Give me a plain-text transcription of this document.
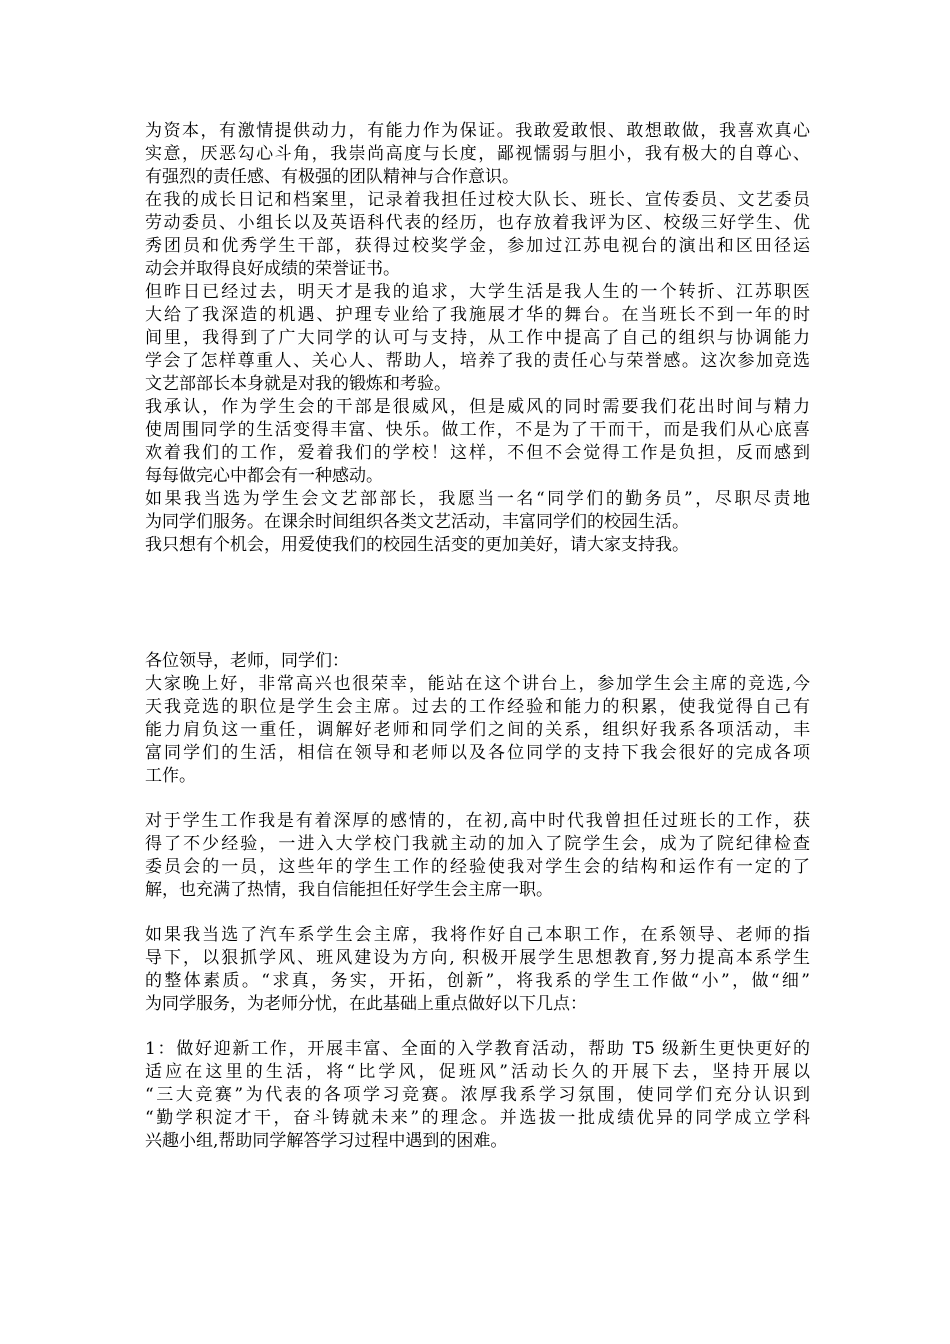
为资本，有激情提供动力，有能力作为保证。我敢爱敢恨、敢想敢做，我喜欢真心
实意，厌恶勾心斗角，我崇尚高度与长度，鄙视懦弱与胆小，我有极大的自尊心、
有强烈的责任感、有极强的团队精神与合作意识。
在我的成长日记和档案里，记录着我担任过校大队长、班长、宣传委员、文艺委员
劳动委员、小组长以及英语科代表的经历，也存放着我评为区、校级三好学生、优
秀团员和优秀学生干部，获得过校奖学金，参加过江苏电视台的演出和区田径运
动会并取得良好成绩的荣誉证书。
但昨日已经过去，明天才是我的追求，大学生活是我人生的一个转折、江苏职医
大给了我深造的机遇、护理专业给了我施展才华的舞台。在当班长不到一年的时
间里，我得到了广大同学的认可与支持，从工作中提高了自己的组织与协调能力
学会了怎样尊重人、关心人、帮助人，培养了我的责任心与荣誉感。这次参加竞选
文艺部部长本身就是对我的锻炼和考验。
我承认，作为学生会的干部是很威风，但是威风的同时需要我们花出时间与精力
使周围同学的生活变得丰富、快乐。做工作，不是为了干而干，而是我们从心底喜
欢着我们的工作，爱着我们的学校！这样，不但不会觉得工作是负担，反而感到
每每做完心中都会有一种感动。
如果我当选为学生会文艺部部长，我愿当一名“同学们的勤务员”，尽职尽责地
为同学们服务。在课余时间组织各类文艺活动，丰富同学们的校园生活。
我只想有个机会，用爱使我们的校园生活变的更加美好，请大家支持我。
各位领导，老师，同学们：
大家晚上好，非常高兴也很荣幸，能站在这个讲台上，参加学生会主席的竞选,今
天我竞选的职位是学生会主席。过去的工作经验和能力的积累，使我觉得自己有
能力肩负这一重任，调解好老师和同学们之间的关系，组织好我系各项活动，丰
富同学们的生活，相信在领导和老师以及各位同学的支持下我会很好的完成各项
工作。
对于学生工作我是有着深厚的感情的，在初,高中时代我曾担任过班长的工作，获
得了不少经验，一进入大学校门我就主动的加入了院学生会，成为了院纪律检查
委员会的一员，这些年的学生工作的经验使我对学生会的结构和运作有一定的了
解，也充满了热情，我自信能担任好学生会主席一职。
如果我当选了汽车系学生会主席，我将作好自己本职工作，在系领导、老师的指
导下，以狠抓学风、班风建设为方向, 积极开展学生思想教育,努力提高本系学生
的整体素质。“求真，务实，开拓，创新”，将我系的学生工作做“小”，做“细”
为同学服务，为老师分忧，在此基础上重点做好以下几点：
1：做好迎新工作，开展丰富、全面的入学教育活动，帮助 T5 级新生更快更好的
适应在这里的生活，将“比学风，促班风”活动长久的开展下去，坚持开展以
“三大竞赛”为代表的各项学习竞赛。浓厚我系学习氛围，使同学们充分认识到
“勤学积淀才干，奋斗铸就未来”的理念。并选拔一批成绩优异的同学成立学科
兴趣小组,帮助同学解答学习过程中遇到的困难。
